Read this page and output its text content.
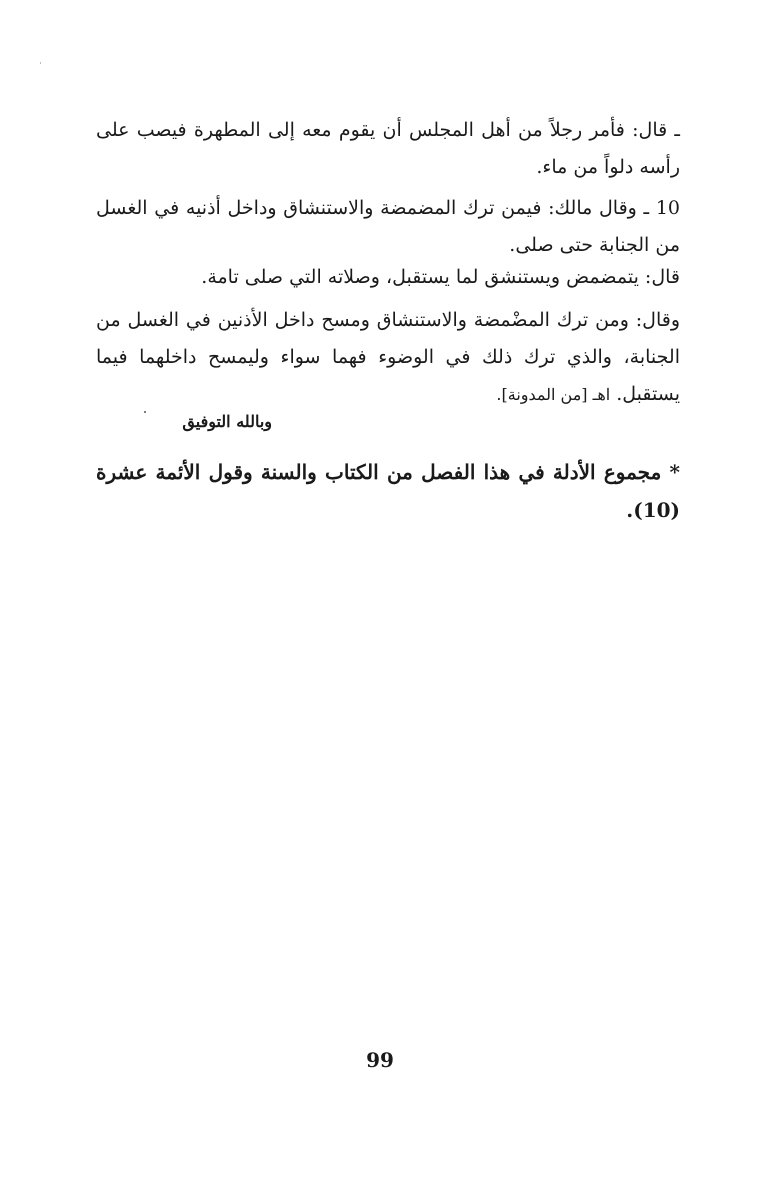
ـ قال: فأمر رجلاً من أهل المجلس أن يقوم معه إلى المطهرة فيصب على رأسه دلواً من ماء.

10 ـ وقال مالك: فيمن ترك المضمضة والاستنشاق وداخل أذنيه في الغسل من الجنابة حتى صلى.

قال: يتمضمض ويستنشق لما يستقبل، وصلاته التي صلى تامة.

وقال: ومن ترك المضْمضة والاستنشاق ومسح داخل الأذنين في الغسل من الجنابة، والذي ترك ذلك في الوضوء فهما سواء وليمسح داخلهما فيما يستقبل. اهـ [من المدونة].

وبالله التوفيق

* مجموع الأدلة في هذا الفصل من الكتاب والسنة وقول الأئمة عشرة (10).

99
